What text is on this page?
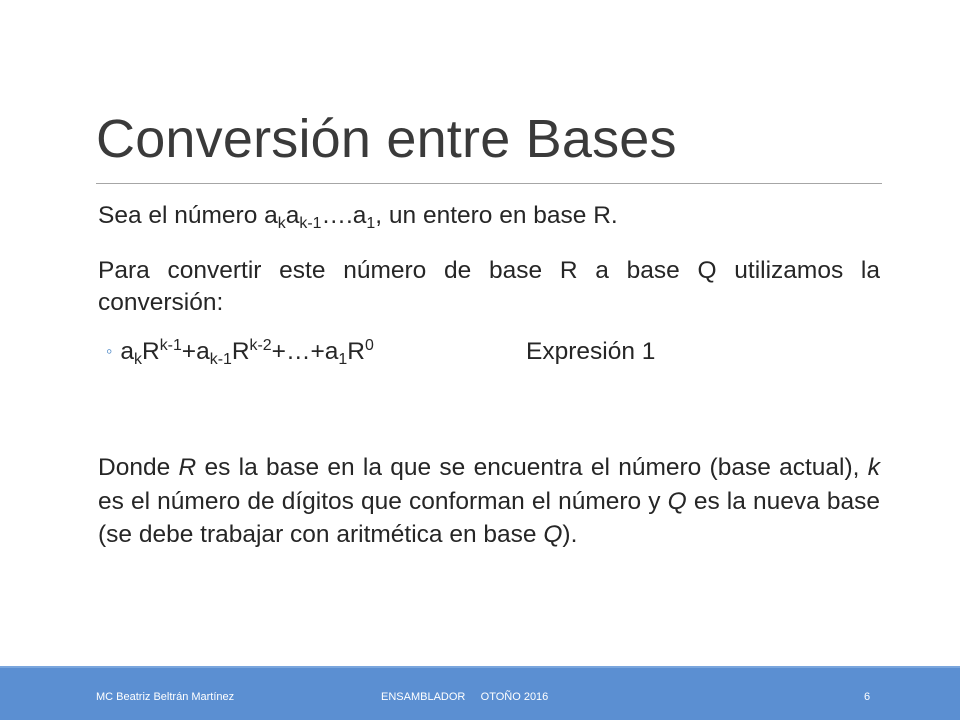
Conversión entre Bases
Sea el número $a_ka_{k-1}\dots.a_1$, un entero en base R.
Para convertir este número de base R a base Q utilizamos la conversión:
◦ $a_kR^{k-1}+a_{k-1}R^{k-2}+\dots+a_1R^0$	Expresión 1
Donde R es la base en la que se encuentra el número (base actual), k es el número de dígitos que conforman el número y Q es la nueva base (se debe trabajar con aritmética en base Q).
MC Beatriz Beltrán Martínez	ENSAMBLADOR     OTOÑO 2016	6
